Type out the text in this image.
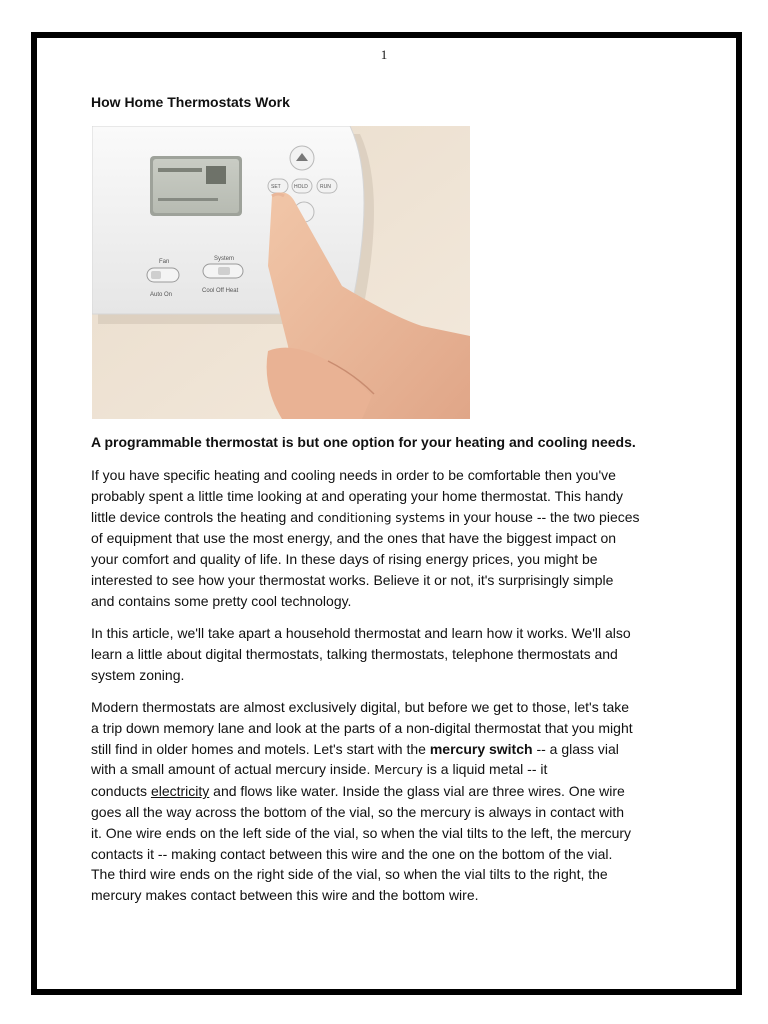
1
How Home Thermostats Work
Fan
Auto On
System
Cool Off Heat
SET	HOLD RUN
A programmable thermostat is but one option for your heating and cooling needs.
If you have specific heating and cooling needs in order to be comfortable then you've
probably spent a little time looking at and operating your home thermostat. This handy
little device controls the heating and conditioning systems in your house -- the two pieces
of equipment that use the most energy, and the ones that have the biggest impact on
your comfort and quality of life. In these days of rising energy prices, you might be
interested to see how your thermostat works. Believe it or not, it's surprisingly simple
and contains some pretty cool technology.
In this article, we'll take apart a household thermostat and learn how it works. We'll also
learn a little about digital thermostats, talking thermostats, telephone thermostats and
system zoning.
Modern thermostats are almost exclusively digital, but before we get to those, let's take
a trip down memory lane and look at the parts of a non-digital thermostat that you might
still find in older homes and motels. Let's start with the mercury switch -- a glass vial
with a small amount of actual mercury inside. Mercury is a liquid metal -- it
conducts electricity and flows like water. Inside the glass vial are three wires. One wire
goes all the way across the bottom of the vial, so the mercury is always in contact with
it. One wire ends on the left side of the vial, so when the vial tilts to the left, the mercury
contacts it -- making contact between this wire and the one on the bottom of the vial.
The third wire ends on the right side of the vial, so when the vial tilts to the right, the
mercury makes contact between this wire and the bottom wire.
